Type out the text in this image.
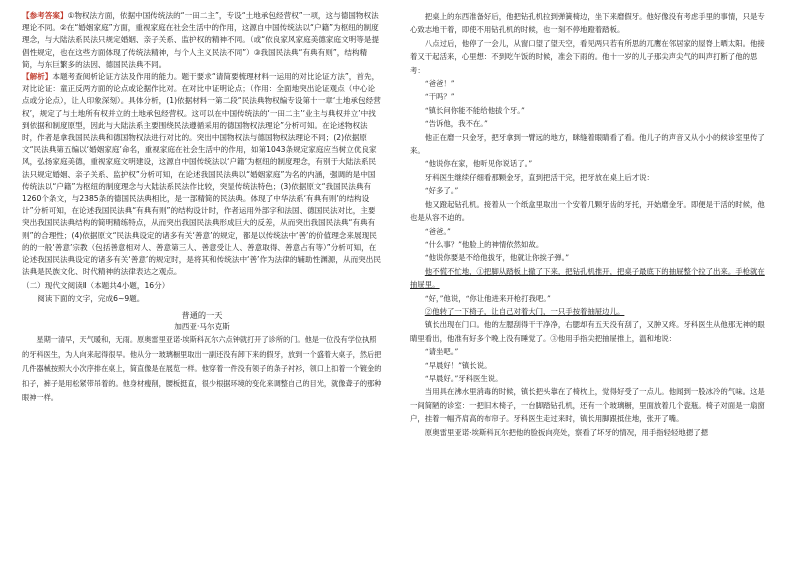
【参考答案】①物权法方面，依据中国传统法的“一田二主”，专设“土地承包经营权”一项，这与德国物权法理论不同。②在“婚姻家庭”方面，重视家庭在社会生活中的作用，这源自中国传统法以“户籍”为枢纽的制度理念，与大陆法系民法只规定婚姻、亲子关系、监护权的精神不同。（或“依良家风家庭美德家庭文明等是提倡性规定，也在这些方面体现了传统法精神，与个人主义民法不同”）③我国民法典“有典有则”，结构精简，与东巨繁多的法因、德国民法典不同。

【解析】本题考查阅析论证方法及作用的能力。题干要求“请简要梳理材料一运用的对比论证方法”，首先，对比论证：童正反两方面的论点或论据作比对。在对比中证明论点；（作用：全面地突出论证观点（中心论点或分论点），让人印象深刻）。具体分析，(1)依据材料一第二段“民法典物权编专设第十一章‘土地承包经营权’，规定了与土地所有权并立的土地承包经营权。这可以在中国传统法的‘一田二主’‘业主与典权并立’中找到依据和制度原型，因此与大陆法系主要围绕民法遵循采用的德国物权法理论”分析可知。在论述物权法时，作者是拿我国民法典和德国物权法进行对比的。突出中国物权法与德国物权法理论不同；(2)依据原文“民法典第五编以‘婚姻家庭’命名，重视家庭在社会生活中的作用，如第1043条规定家庭应当树立优良家风，弘扬家庭美德，重视家庭文明建设，这源自中国传统法以‘户籍’为枢纽的制度理念，有别于大陆法系民法只规定婚姻、亲子关系、监护权”分析可知，在论述我国民法典以“婚姻家庭”为名的内涵，强调的是中国传统法以“户籍”为枢纽的制度理念与大陆法系民法作比较，突显传统法特色；(3)依据原文“我国民法典有1260个条文，与2385条的德国民法典相比，是一部精简的民法典。体现了中华法系‘有典有则’的结构设计”分析可知，在论述我国民法典“有典有则”的结构设计时，作者运用外部字和法国、德国民法对比，主要突出我国民法典结构的简明精练特点，从而突出我国民法典形成巨大的反差，从而突出我国民法典“有典有则”的合理性；(4)依据原文“民法典设定的诸多有关‘善意’的规定，都是以传统法中‘善’的价值理念来展现民的的一般‘善意’宗教（包括善意相对人、善意第三人、善意受让人、善意取得、善意占有等）”分析可知，在论述我国民法典设定的诸多有关‘善意’的规定时，是将其和传统法中‘善’作为法律的辅助性渊源，从而突出民法典是民族文化、时代精神的法律表达之观点。

（二）现代文阅读Ⅱ（本题共4小题，16分）

阅读下面的文字，完成6~9题。

普通的一天
加西亚·马尔克斯

星期一清早，天气暖和，无雨。原奥雷里亚诺·埃斯科瓦尔六点钟就打开了诊所的门。他是一位没有学位执照的牙科医生，为人向来起得很早。他从分一玻璃橱里取出一副还没有卸下来的假牙，放到一个盛着大桌子，然后把几件器械按照大小次序排在桌上，简直像是在展览一样。他穿着一件没有领子的条子衬衫，领口上扣着一个镀金的扣子，裤子是用松紧带吊着的。他身材瘦削，腰板挺直，很少根据环境的变化来调整自己的目光，就像聋子的那种眼神一样。

把桌上的东西准备好后，他把钻孔机拉到弹簧椅边，坐下来磨假牙。他好像没有考虑手里的事情，只是专心致志地干着，即使不用钻孔机的时候，也一刻不停地蹬着踏板。

八点过后，他停了一会儿，从窗口望了望天空，看见两只若有所思的兀鹰在邻居家的屋脊上晒太阳。他接着又干起活来，心里想：不到吃午饭的时候，准会下雨的。他十一岁的儿子那尖声尖气的叫声打断了他的思考：

“爸爸！”

“干吗？”

“镇长问你能不能给他拔个牙。”

“告诉他，我不在。”

他正在磨一只金牙，把牙拿到一臂远的地方，眯缝着眼睛看了看。他儿子的声音又从小小的候诊室里传了来。

“他说你在家，他听见你说话了。”

牙科医生继续仔细看那颗金牙，直到把活干完，把牙放在桌上后才说：

“好多了。”

他又蹬起钻孔机。接着从一个纸盒里取出一个安着几颗牙齿的牙托，开始磨金牙。即便是干活的时候，他也是从容不迫的。

“爸爸。”

“什么事？”他脸上的神情依然如故。

“他说你要是不给他拔牙，他就让你挨子弹。”

他不慌不忙地，①把脚从踏板上撤了下来，把钻孔机推开，把桌子最底下的抽屉整个拉了出来。手枪就在抽屉里。

“好，”他说，“你让他进来开枪打我吧。”

②他转了一下椅子，让自己对着大门，一只手按着抽屉边儿。

镇长出现在门口。他的左腮刮得干干净净，右腮却有五天没有刮了，又肿又疼。牙科医生从他那无神的眼睛里看出，他准有好多个晚上没有睡觉了。③他用手指尖把抽屉推上，温和地说：

“请坐吧。”

“早晨好！”镇长说。

“早晨好。”牙科医生说。

当用具在沸水里消毒的时候，镇长把头靠在了椅枕上，觉得好受了一点儿。他闻到一股冰冷的气味。这是一间简陋的诊室：一把旧木椅子，一台脚踏钻孔机，还有一个玻璃橱，里面放着几个瓷瓶。椅子对面是一扇窗户，挂着一幅齐肩高的布帘子。牙科医生走过来时，镇长用脚跟抵住地，张开了嘴。

原奥雷里亚诺·埃斯科瓦尔把他的脸扳向亮处，察看了坏牙的情况，用手指轻轻地摁了摁
